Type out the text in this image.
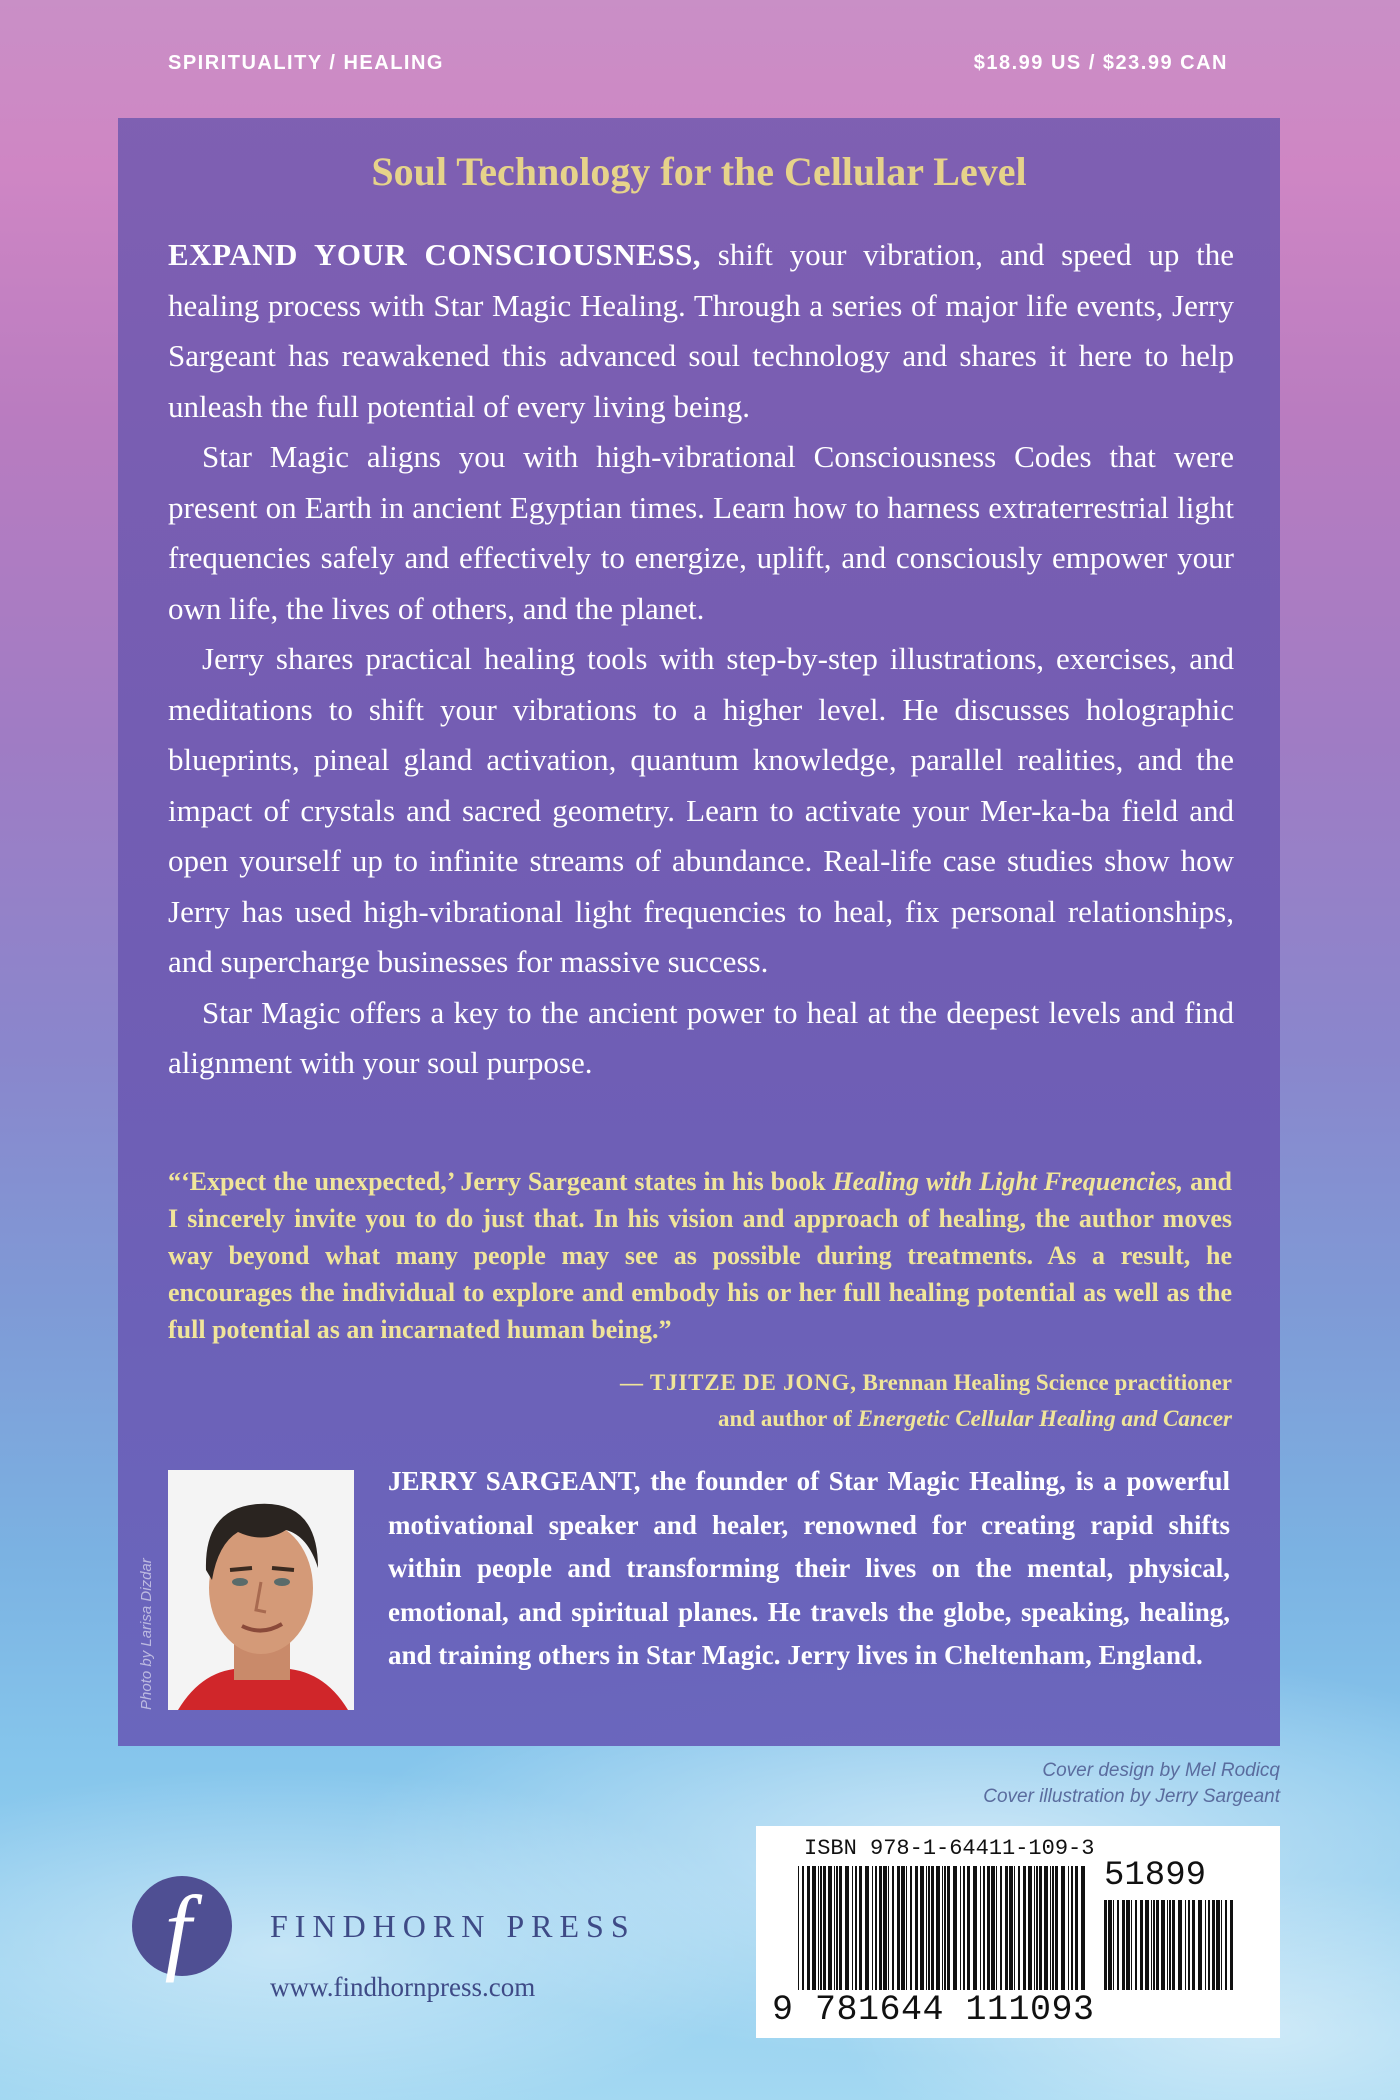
SPIRITUALITY / HEALING	$18.99 US / $23.99 CAN
Soul Technology for the Cellular Level

EXPAND YOUR CONSCIOUSNESS, shift your vibration, and speed up the healing process with Star Magic Healing. Through a series of major life events, Jerry Sargeant has reawakened this advanced soul technology and shares it here to help unleash the full potential of every living being.

Star Magic aligns you with high-vibrational Consciousness Codes that were present on Earth in ancient Egyptian times. Learn how to harness extraterrestrial light frequencies safely and effectively to energize, uplift, and consciously empower your own life, the lives of others, and the planet.

Jerry shares practical healing tools with step-by-step illustrations, exercises, and meditations to shift your vibrations to a higher level. He discusses holographic blueprints, pineal gland activation, quantum knowledge, parallel realities, and the impact of crystals and sacred geometry. Learn to activate your Mer-ka-ba field and open yourself up to infinite streams of abundance. Real-life case studies show how Jerry has used high-vibrational light frequencies to heal, fix personal relationships, and supercharge businesses for massive success.

Star Magic offers a key to the ancient power to heal at the deepest levels and find alignment with your soul purpose.

“‘Expect the unexpected,’ Jerry Sargeant states in his book Healing with Light Frequencies, and I sincerely invite you to do just that. In his vision and approach of healing, the author moves way beyond what many people may see as possible during treatments. As a result, he encourages the individual to explore and embody his or her full healing potential as well as the full potential as an incarnated human being.”

— TJITZE DE JONG, Brennan Healing Science practitioner
and author of Energetic Cellular Healing and Cancer
Photo by Larisa Dizdar

JERRY SARGEANT, the founder of Star Magic Healing, is a powerful motivational speaker and healer, renowned for creating rapid shifts within people and transforming their lives on the mental, physical, emotional, and spiritual planes. He travels the globe, speaking, healing, and training others in Star Magic. Jerry lives in Cheltenham, England.

Cover design by Mel Rodicq
Cover illustration by Jerry Sargeant
f	FINDHORN PRESS
www.findhornpress.com
ISBN 978-1-64411-109-3
51899
9 781644 111093
